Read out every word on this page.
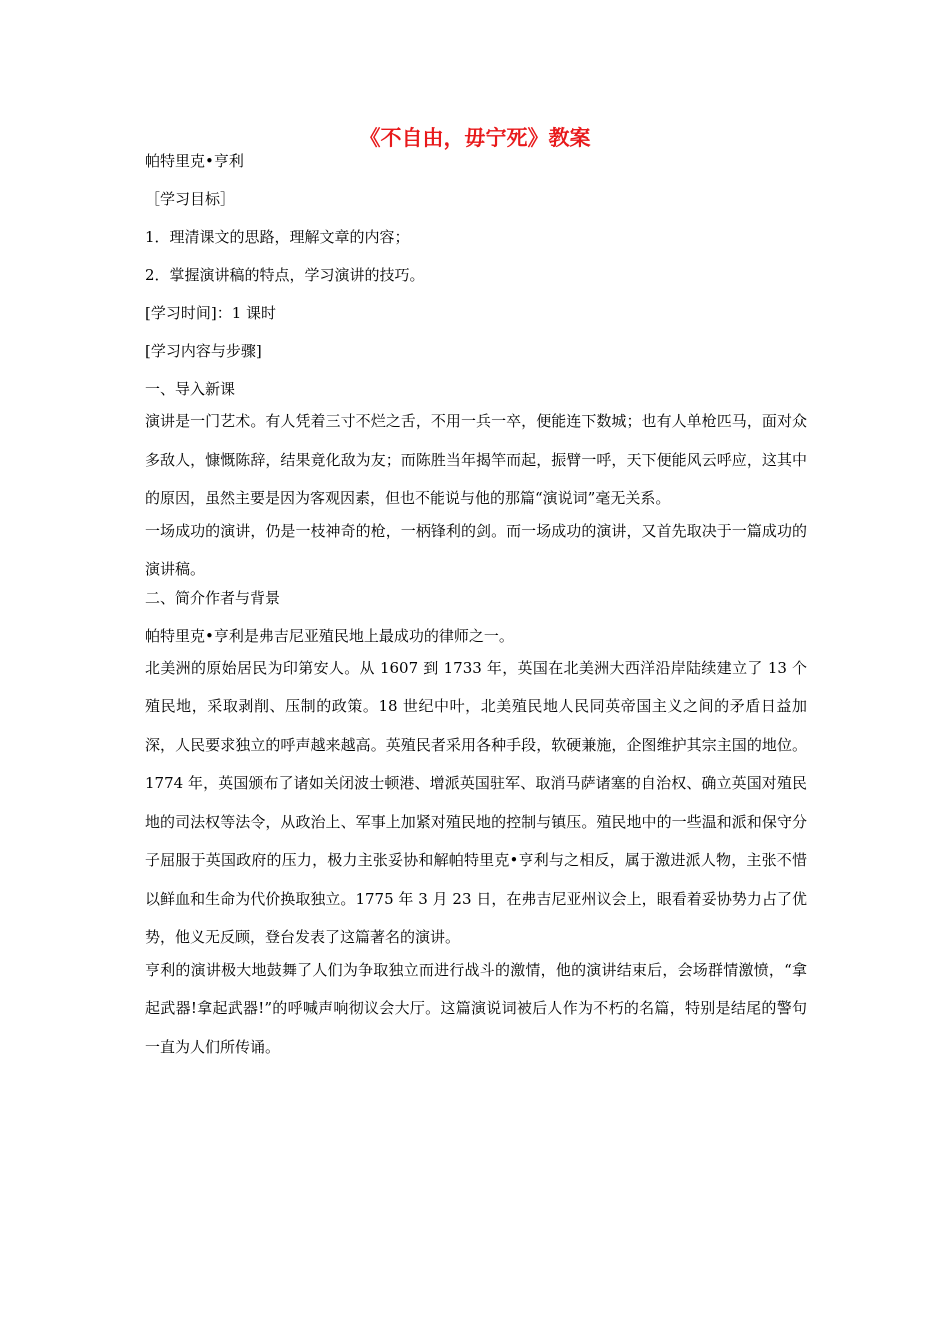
《不自由，毋宁死》教案
帕特里克•亨利
［学习目标］
1．理清课文的思路，理解文章的内容；
2．掌握演讲稿的特点，学习演讲的技巧。
[学习时间]：1 课时
[学习内容与步骤]
一、导入新课
演讲是一门艺术。有人凭着三寸不烂之舌，不用一兵一卒，便能连下数城；也有人单枪匹马，面对众多敌人，慷慨陈辞，结果竟化敌为友；而陈胜当年揭竿而起，振臂一呼，天下便能风云呼应，这其中的原因，虽然主要是因为客观因素，但也不能说与他的那篇“演说词”毫无关系。
一场成功的演讲，仍是一枝神奇的枪，一柄锋利的剑。而一场成功的演讲，又首先取决于一篇成功的演讲稿。
二、简介作者与背景
帕特里克•亨利是弗吉尼亚殖民地上最成功的律师之一。
北美洲的原始居民为印第安人。从 1607 到 1733 年，英国在北美洲大西洋沿岸陆续建立了 13 个殖民地，采取剥削、压制的政策。18 世纪中叶，北美殖民地人民同英帝国主义之间的矛盾日益加深，人民要求独立的呼声越来越高。英殖民者采用各种手段，软硬兼施，企图维护其宗主国的地位。1774 年，英国颁布了诸如关闭波士顿港、增派英国驻军、取消马萨诸塞的自治权、确立英国对殖民地的司法权等法令，从政治上、军事上加紧对殖民地的控制与镇压。殖民地中的一些温和派和保守分子屈服于英国政府的压力，极力主张妥协和解帕特里克•亨利与之相反，属于激进派人物，主张不惜以鲜血和生命为代价换取独立。1775 年 3 月 23 日，在弗吉尼亚州议会上，眼看着妥协势力占了优势，他义无反顾，登台发表了这篇著名的演讲。
亨利的演讲极大地鼓舞了人们为争取独立而进行战斗的激情，他的演讲结束后，会场群情激愤，“拿起武器!拿起武器!”的呼喊声响彻议会大厅。这篇演说词被后人作为不朽的名篇，特别是结尾的警句一直为人们所传诵。
